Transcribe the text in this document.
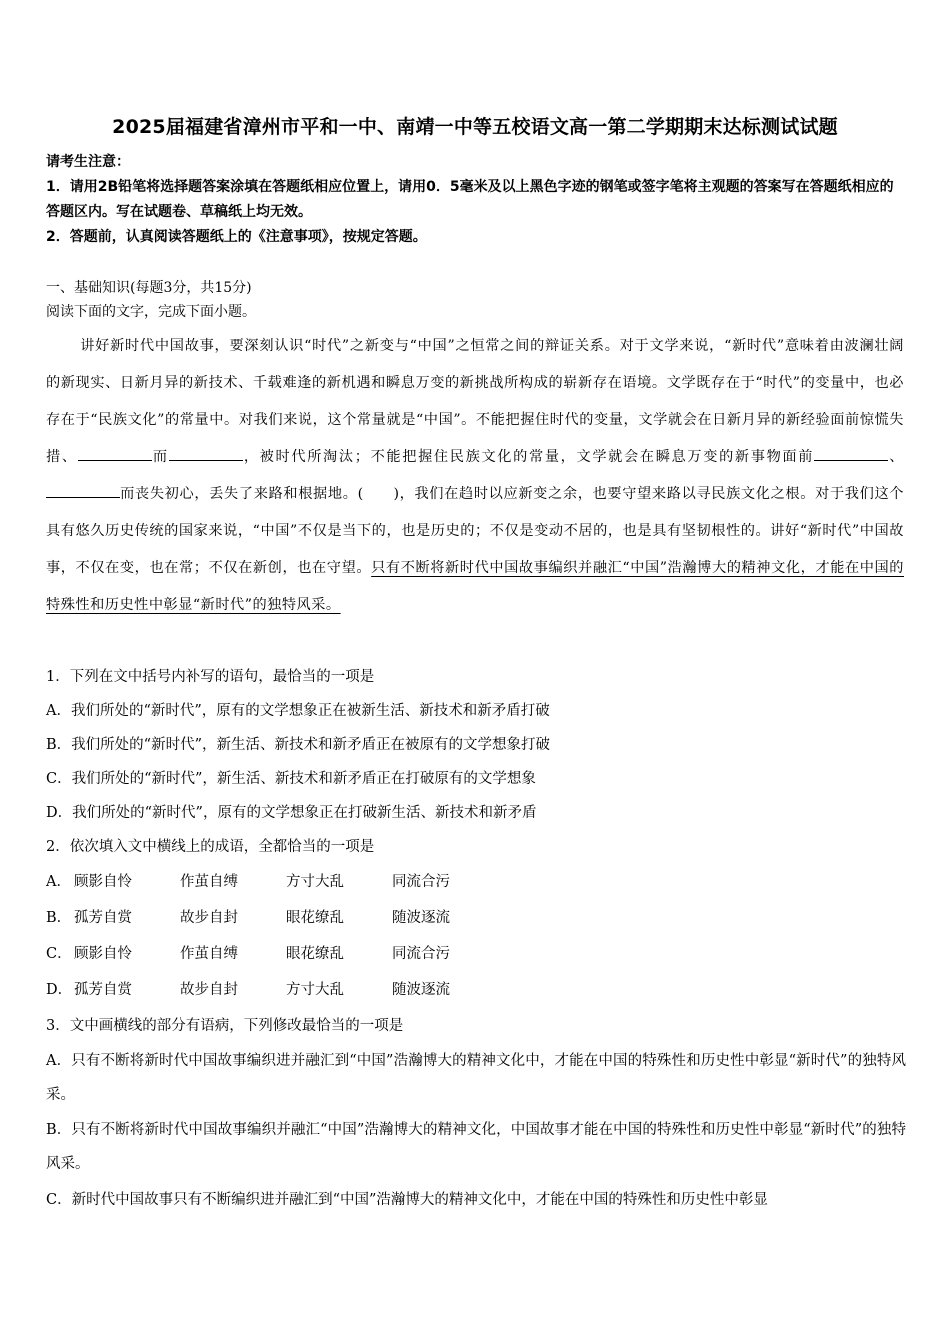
2025届福建省漳州市平和一中、南靖一中等五校语文高一第二学期期末达标测试试题
请考生注意：
1．请用2B铅笔将选择题答案涂填在答题纸相应位置上，请用0．5毫米及以上黑色字迹的钢笔或签字笔将主观题的答案写在答题纸相应的答题区内。写在试题卷、草稿纸上均无效。
2．答题前，认真阅读答题纸上的《注意事项》，按规定答题。
一、基础知识(每题3分，共15分)
阅读下面的文字，完成下面小题。
讲好新时代中国故事，要深刻认识“时代”之新变与“中国”之恒常之间的辩证关系。对于文学来说，“新时代”意味着由波澜壮阔的新现实、日新月异的新技术、千载难逢的新机遇和瞬息万变的新挑战所构成的崭新存在语境。文学既存在于“时代”的变量中，也必存在于“民族文化”的常量中。对我们来说，这个常量就是“中国”。不能把握住时代的变量，文学就会在日新月异的新经验面前惊慌失措、	而	，被时代所淘汰；不能把握住民族文化的常量，文学就会在瞬息万变的新事物面前	、而丧失初心，丢失了来路和根据地。(　　)，我们在趋时以应新变之余，也要守望来路以寻民族文化之根。对于我们这个具有悠久历史传统的国家来说，“中国”不仅是当下的，也是历史的；不仅是变动不居的，也是具有坚韧根性的。讲好“新时代”中国故事，不仅在变，也在常；不仅在新创，也在守望。只有不断将新时代中国故事编织并融汇“中国”浩瀚博大的精神文化，才能在中国的特殊性和历史性中彰显“新时代”的独特风采。
1．下列在文中括号内补写的语句，最恰当的一项是
A．我们所处的“新时代”，原有的文学想象正在被新生活、新技术和新矛盾打破
B．我们所处的“新时代”，新生活、新技术和新矛盾正在被原有的文学想象打破
C．我们所处的“新时代”，新生活、新技术和新矛盾正在打破原有的文学想象
D．我们所处的“新时代”，原有的文学想象正在打破新生活、新技术和新矛盾
2．依次填入文中横线上的成语，全都恰当的一项是
A． 顾影自怜	作茧自缚	方寸大乱	同流合污
B． 孤芳自赏	故步自封	眼花缭乱	随波逐流
C． 顾影自怜	作茧自缚	眼花缭乱	同流合污
D． 孤芳自赏	故步自封	方寸大乱	随波逐流
3．文中画横线的部分有语病，下列修改最恰当的一项是
A．只有不断将新时代中国故事编织进并融汇到“中国”浩瀚博大的精神文化中，才能在中国的特殊性和历史性中彰显“新时代”的独特风采。
B．只有不断将新时代中国故事编织并融汇“中国”浩瀚博大的精神文化，中国故事才能在中国的特殊性和历史性中彰显“新时代”的独特风采。
C．新时代中国故事只有不断编织进并融汇到“中国”浩瀚博大的精神文化中，才能在中国的特殊性和历史性中彰显
